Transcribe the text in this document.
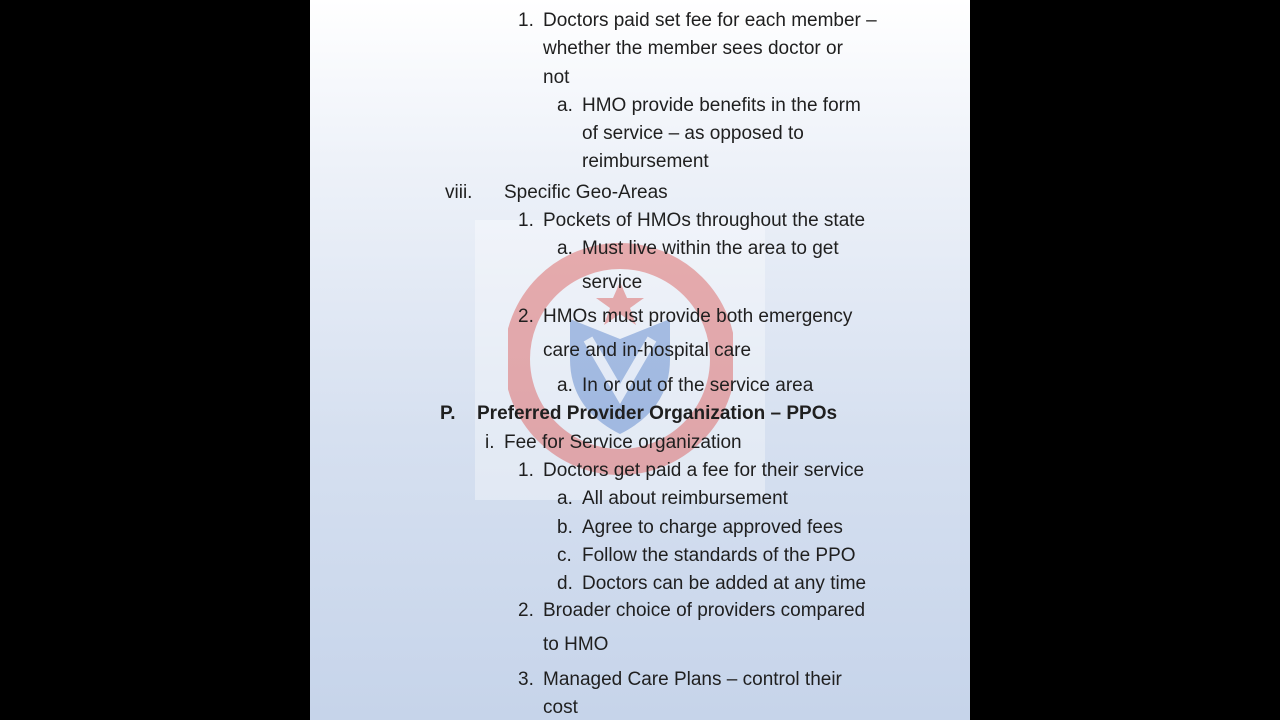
1. Doctors paid set fee for each member –
whether the member sees doctor or
not
a. HMO provide benefits in the form
of service – as opposed to
reimbursement
viii. Specific Geo-Areas
1. Pockets of HMOs throughout the state
a. Must live within the area to get
service
2. HMOs must provide both emergency
care and in-hospital care
a. In or out of the service area
P. Preferred Provider Organization – PPOs
i. Fee for Service organization
1. Doctors get paid a fee for their service
a. All about reimbursement
b. Agree to charge approved fees
c. Follow the standards of the PPO
d. Doctors can be added at any time
2. Broader choice of providers compared
to HMO
3. Managed Care Plans – control their
cost
